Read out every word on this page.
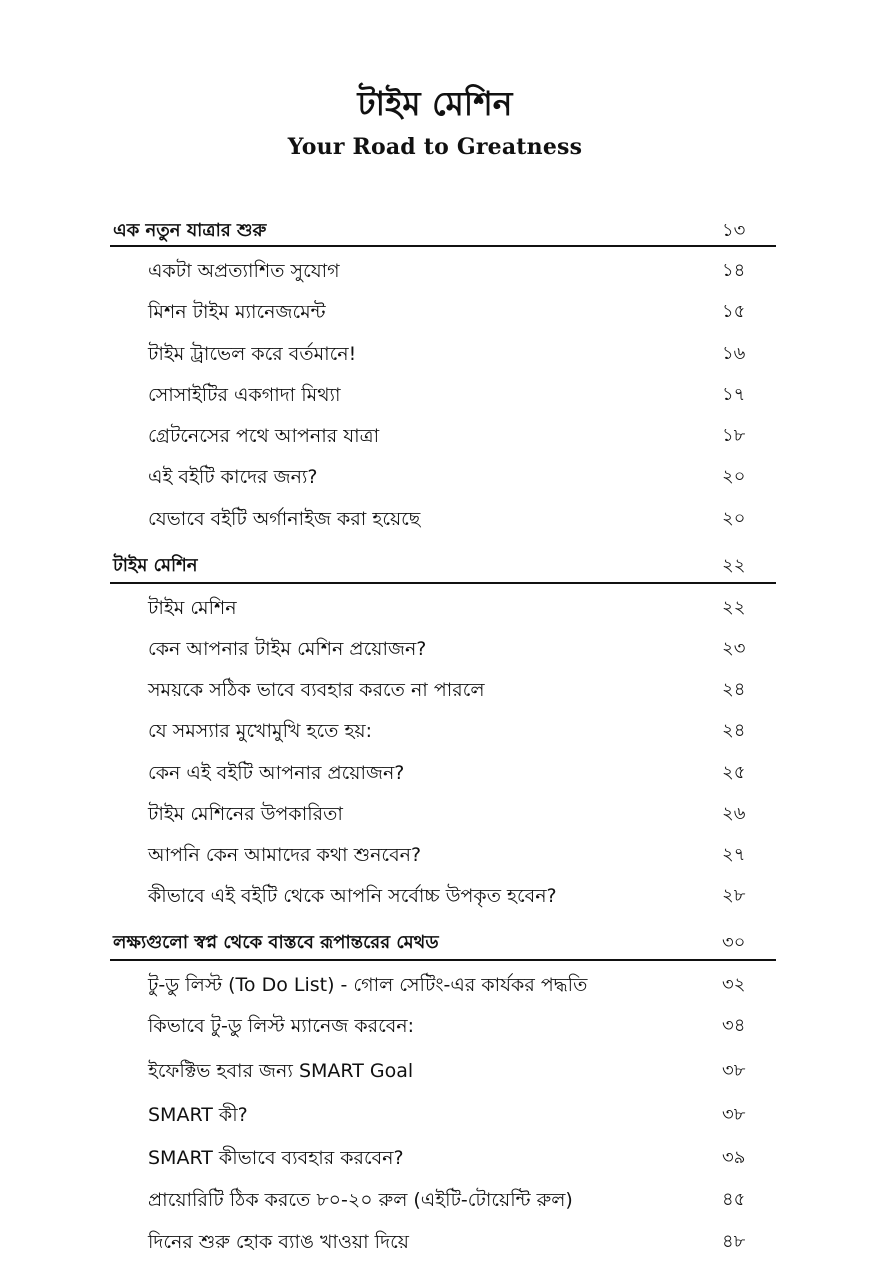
টাইম মেশিন
Your Road to Greatness
এক নতুন যাত্রার শুরু	১৩
একটা অপ্রত্যাশিত সুযোগ	১৪
মিশন টাইম ম্যানেজমেন্ট	১৫
টাইম ট্রাভেল করে বর্তমানে!	১৬
সোসাইটির একগাদা মিথ্যা	১৭
গ্রেটনেসের পথে আপনার যাত্রা	১৮
এই বইটি কাদের জন্য?	২০
যেভাবে বইটি অর্গানাইজ করা হয়েছে	২০
টাইম মেশিন	২২
টাইম মেশিন	২২
কেন আপনার টাইম মেশিন প্রয়োজন?	২৩
সময়কে সঠিক ভাবে ব্যবহার করতে না পারলে	২৪
যে সমস্যার মুখোমুখি হতে হয়:	২৪
কেন এই বইটি আপনার প্রয়োজন?	২৫
টাইম মেশিনের উপকারিতা	২৬
আপনি কেন আমাদের কথা শুনবেন?	২৭
কীভাবে এই বইটি থেকে আপনি সর্বোচ্চ উপকৃত হবেন?	২৮
লক্ষ্যগুলো স্বপ্ন থেকে বাস্তবে রূপান্তরের মেথড	৩০
টু-ডু লিস্ট (To Do List) - গোল সেটিং-এর কার্যকর পদ্ধতি	৩২
কিভাবে টু-ডু লিস্ট ম্যানেজ করবেন:	৩৪
ইফেক্টিভ হবার জন্য SMART Goal	৩৮
SMART কী?	৩৮
SMART কীভাবে ব্যবহার করবেন?	৩৯
প্রায়োরিটি ঠিক করতে ৮০-২০ রুল (এইটি-টোয়েন্টি রুল)	৪৫
দিনের শুরু হোক ব্যাঙ খাওয়া দিয়ে	৪৮
